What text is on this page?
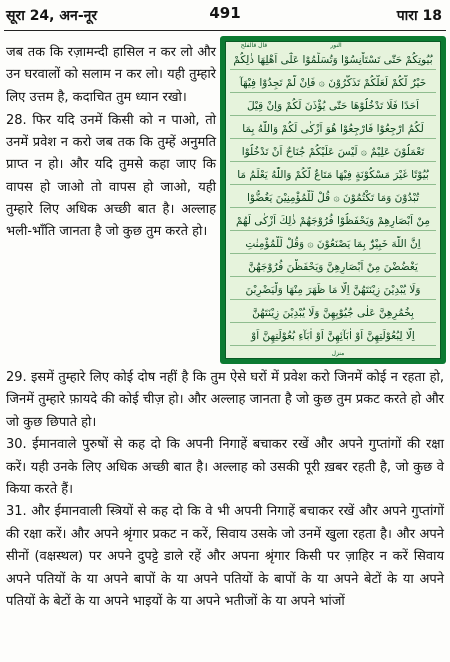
सूरा 24, अन-नूर	491	पारा 18

जब तक कि रज़ामन्दी हासिल न कर लो और उन घरवालों को सलाम न कर लो। यही तुम्हारे लिए उत्तम है, कदाचित तुम ध्यान रखो।

28. फिर यदि उनमें किसी को न पाओ, तो उनमें प्रवेश न करो जब तक कि तुम्हें अनुमति प्राप्त न हो। और यदि तुमसे कहा जाए कि वापस हो जाओ तो वापस हो जाओ, यही तुम्हारे लिए अधिक अच्छी बात है। अल्लाह भली-भाँति जानता है जो कुछ तुम करते हो।

قال قالفلح	النور
بُيُوتِكُمْ حَتّٰى تَسْتَاْنِسُوْا وَتُسَلِّمُوْا عَلٰٓى اَهْلِهَا ذٰلِكُمْ
خَيْرٌ لَّكُمْ لَعَلَّكُمْ تَذَكَّرُوْنَ ۞ فَاِنْ لَّمْ تَجِدُوْا فِيْهَآ
اَحَدًا فَلَا تَدْخُلُوْهَا حَتّٰى يُؤْذَنَ لَكُمْ وَاِنْ قِيْلَ
لَكُمُ ارْجِعُوْا فَارْجِعُوْا هُوَ اَزْكٰى لَكُمْ وَاللّٰهُ بِمَا
تَعْمَلُوْنَ عَلِيْمٌ ۞ لَيْسَ عَلَيْكُمْ جُنَاحٌ اَنْ تَدْخُلُوْا
بُيُوْتًا غَيْرَ مَسْكُوْنَةٍ فِيْهَا مَتَاعٌ لَّكُمْ وَاللّٰهُ يَعْلَمُ مَا
تُبْدُوْنَ وَمَا تَكْتُمُوْنَ ۞ قُلْ لِّلْمُؤْمِنِيْنَ يَغُضُّوْا
مِنْ اَبْصَارِهِمْ وَيَحْفَظُوْا فُرُوْجَهُمْ ذٰلِكَ اَزْكٰى لَهُمْ
اِنَّ اللّٰهَ خَبِيْرٌۢ بِمَا يَصْنَعُوْنَ ۞ وَقُلْ لِّلْمُؤْمِنٰتِ
يَغْضُضْنَ مِنْ اَبْصَارِهِنَّ وَيَحْفَظْنَ فُرُوْجَهُنَّ
وَلَا يُبْدِيْنَ زِيْنَتَهُنَّ اِلَّا مَا ظَهَرَ مِنْهَا وَلْيَضْرِبْنَ
بِخُمُرِهِنَّ عَلٰى جُيُوْبِهِنَّ وَلَا يُبْدِيْنَ زِيْنَتَهُنَّ
اِلَّا لِبُعُوْلَتِهِنَّ اَوْ اٰبَآئِهِنَّ اَوْ اٰبَآءِ بُعُوْلَتِهِنَّ اَوْ
منزل

29. इसमें तुम्हारे लिए कोई दोष नहीं है कि तुम ऐसे घरों में प्रवेश करो जिनमें कोई न रहता हो, जिनमें तुम्हारे फ़ायदे की कोई चीज़ हो। और अल्लाह जानता है जो कुछ तुम प्रकट करते हो और जो कुछ छिपाते हो।

30. ईमानवाले पुरुषों से कह दो कि अपनी निगाहें बचाकर रखें और अपने गुप्तांगों की रक्षा करें। यही उनके लिए अधिक अच्छी बात है। अल्लाह को उसकी पूरी ख़बर रहती है, जो कुछ वे किया करते हैं।

31. और ईमानवाली स्त्रियों से कह दो कि वे भी अपनी निगाहें बचाकर रखें और अपने गुप्तांगों की रक्षा करें। और अपने श्रृंगार प्रकट न करें, सिवाय उसके जो उनमें खुला रहता है। और अपने सीनों (वक्षस्थल) पर अपने दुपट्टे डाले रहें और अपना श्रृंगार किसी पर ज़ाहिर न करें सिवाय अपने पतियों के या अपने बापों के या अपने पतियों के बापों के या अपने बेटों के या अपने पतियों के बेटों के या अपने भाइयों के या अपने भतीजों के या अपने भांजों
